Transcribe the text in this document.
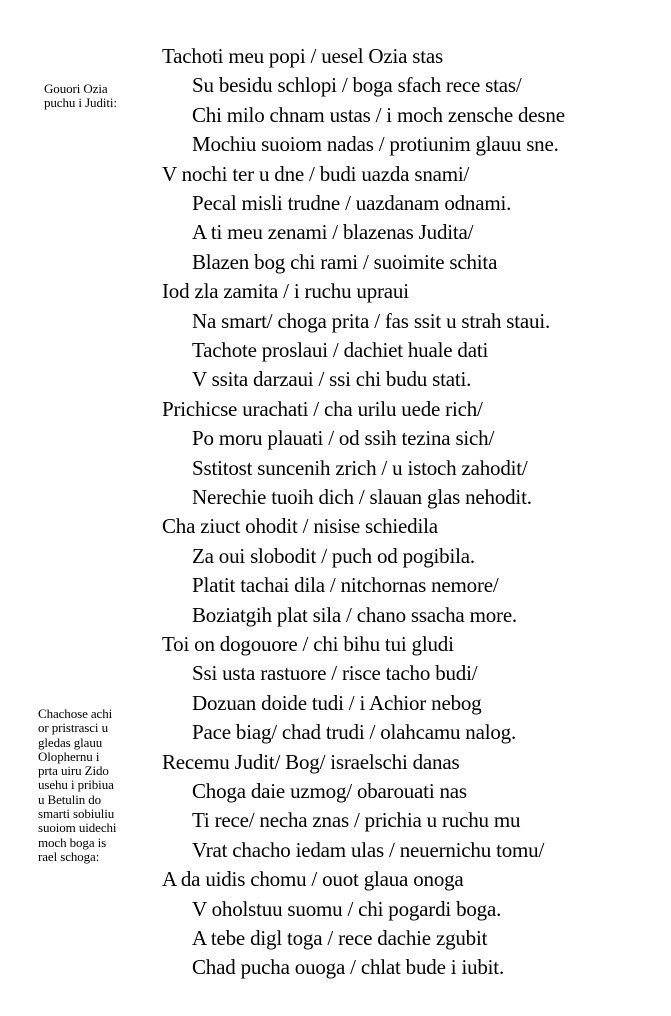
Tachoti meu popi / uesel Ozia stas
Su besidu schlopi / boga sfach rece stas/
Chi milo chnam ustas / i moch zensche desne
Mochiu suoiom nadas / protiunim glauu sne.
V nochi ter u dne / budi uazda snami/
Pecal misli trudne / uazdanam odnami.
A ti meu zenami / blazenas Judita/
Blazen bog chi rami / suoimite schita
Iod zla zamita / i ruchu upraui
Na smart/ choga prita / fas ssit u strah staui.
Tachote proslaui / dachiet huale dati
V ssita darzaui / ssi chi budu stati.
Prichicse urachati / cha urilu uede rich/
Po moru plauati / od ssih tezina sich/
Sstitost suncenih zrich / u istoch zahodit/
Nerechie tuoih dich / slauan glas nehodit.
Cha ziuct ohodit / nisise schiedila
Za oui slobodit / puch od pogibila.
Platit tachai dila / nitchornas nemore/
Boziatgih plat sila / chano ssacha more.
Toi on dogouore / chi bihu tui gludi
Ssi usta rastuore / risce tacho budi/
Dozuan doide tudi / i Achior nebog
Pace biag/ chad trudi / olahcamu nalog.
Recemu Judit/ Bog/ israelschi danas
Choga daie uzmog/ obarouati nas
Ti rece/ necha znas / prichia u ruchu mu
Vrat chacho iedam ulas / neuernichu tomu/
A da uidis chomu / ouot glaua onoga
V oholstuu suomu / chi pogardi boga.
A tebe digl toga / rece dachie zgubit
Chad pucha ouoga / chlat bude i iubit.
Gouori Ozia
puchu i Juditi:
Chachose achi
or pristrasci u
gledas glauu
Olophernu i
prta uiru Zido
usehu i pribiua
u Betulin do
smarti sobiuliu
suoiom uidechi
moch boga is
rael schoga:
